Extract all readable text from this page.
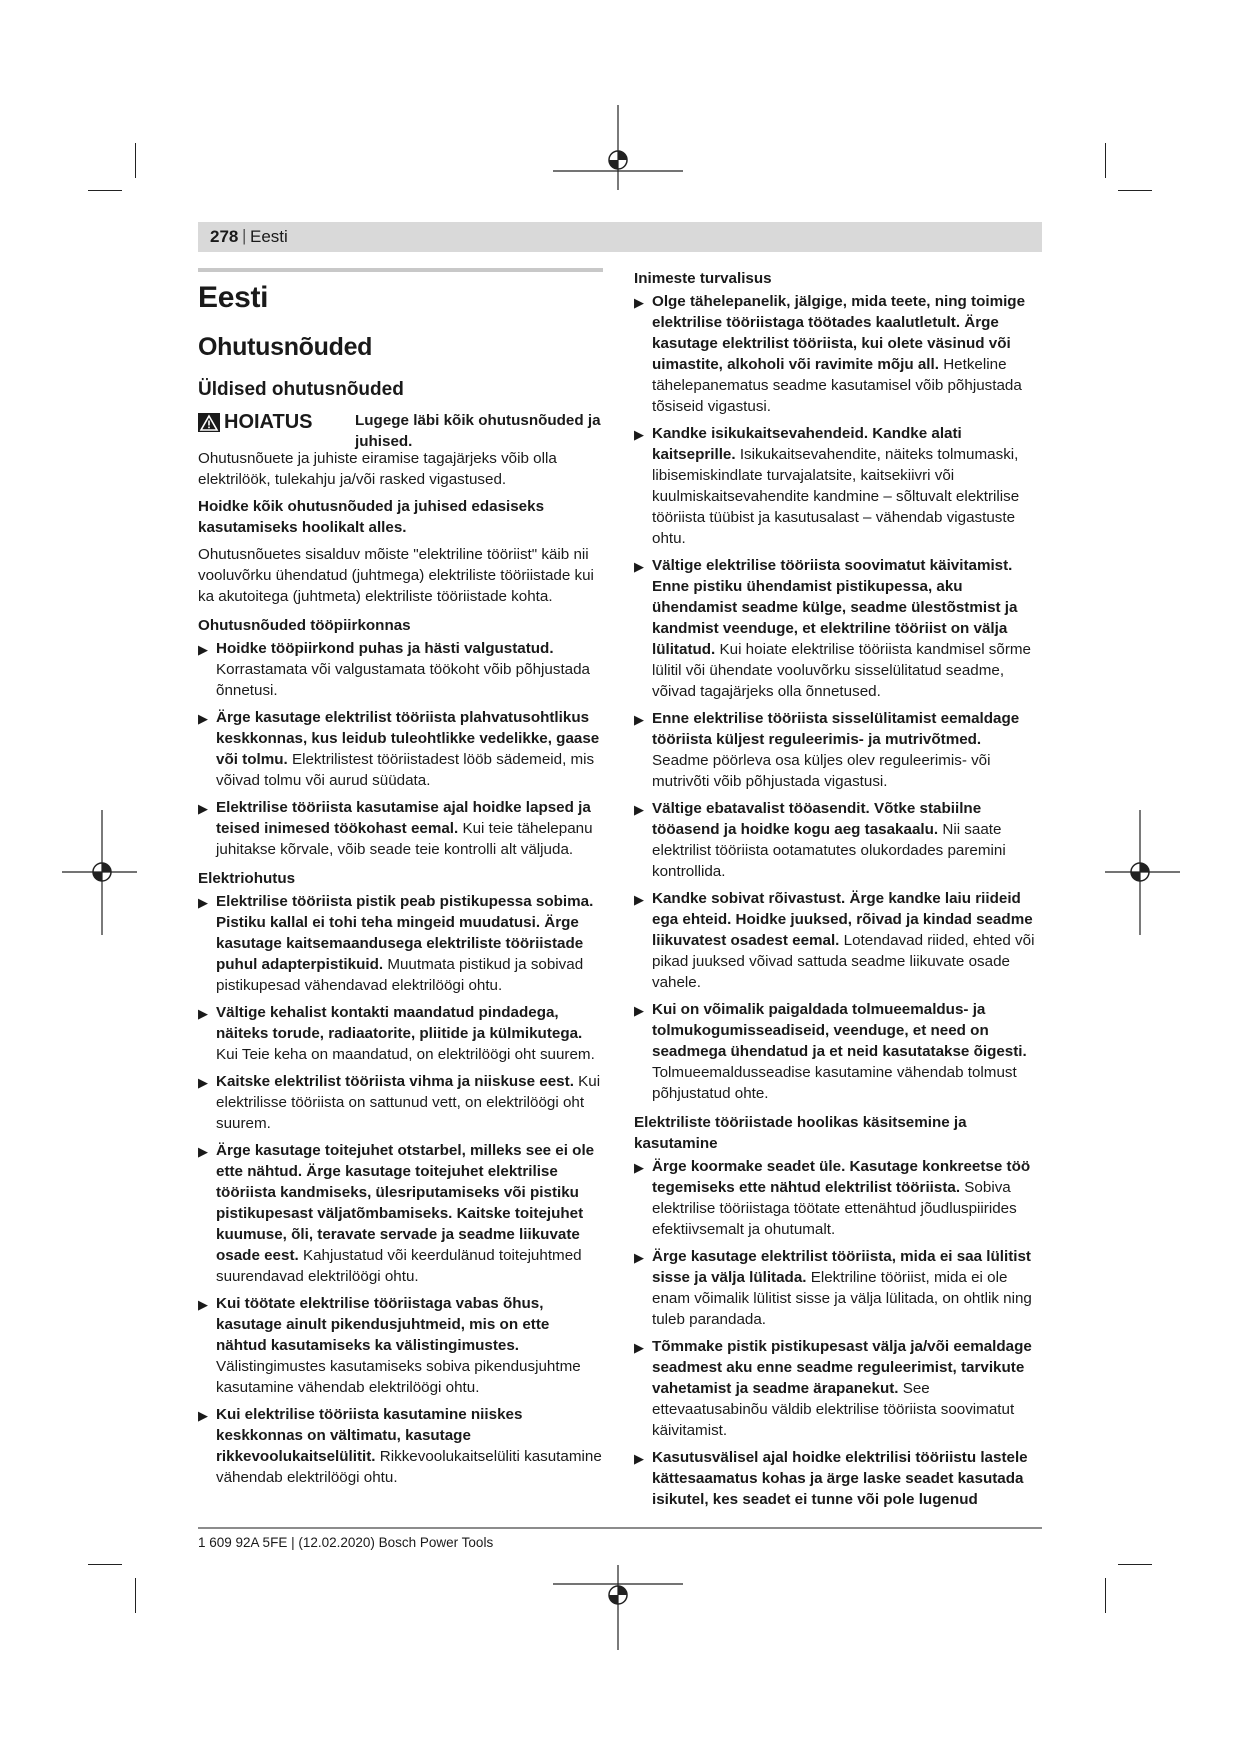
278 | Eesti
Eesti
Ohutusnõuded
Üldised ohutusnõuded
HOIATUS	Lugege läbi kõik ohutusnõuded ja juhised.

Ohutusnõuete ja juhiste eiramise tagajärjeks võib olla elektrilöök, tulekahju ja/või rasked vigastused.

Hoidke kõik ohutusnõuded ja juhised edasiseks kasutamiseks hoolikalt alles.

Ohutusnõuetes sisalduv mõiste "elektriline tööriist" käib nii vooluvõrku ühendatud (juhtmega) elektriliste tööriistade kui ka akutoitega (juhtmeta) elektriliste tööriistade kohta.

Ohutusnõuded tööpiirkonnas
▶ Hoidke tööpiirkond puhas ja hästi valgustatud. Korrastamata või valgustamata töökoht võib põhjustada õnnetusi.
▶ Ärge kasutage elektrilist tööriista plahvatusohtlikus keskkonnas, kus leidub tuleohtlikke vedelikke, gaase või tolmu. Elektrilistest tööriistadest lööb sädemeid, mis võivad tolmu või aurud süüdata.
▶ Elektrilise tööriista kasutamise ajal hoidke lapsed ja teised inimesed töökohast eemal. Kui teie tähelepanu juhitakse kõrvale, võib seade teie kontrolli alt väljuda.
Elektriohutus
▶ Elektrilise tööriista pistik peab pistikupessa sobima. Pistiku kallal ei tohi teha mingeid muudatusi. Ärge kasutage kaitsemaandusega elektriliste tööriistade puhul adapterpistikuid. Muutmata pistikud ja sobivad pistikupesad vähendavad elektrilöögi ohtu.
▶ Vältige kehalist kontakti maandatud pindadega, näiteks torude, radiaatorite, pliitide ja külmikutega. Kui Teie keha on maandatud, on elektrilöögi oht suurem.
▶ Kaitske elektrilist tööriista vihma ja niiskuse eest. Kui elektrilisse tööriista on sattunud vett, on elektrilöögi oht suurem.
▶ Ärge kasutage toitejuhet otstarbel, milleks see ei ole ette nähtud. Ärge kasutage toitejuhet elektrilise tööriista kandmiseks, ülesriputamiseks või pistiku pistikupesast väljatõmbamiseks. Kaitske toitejuhet kuumuse, õli, teravate servade ja seadme liikuvate osade eest. Kahjustatud või keerdulänud toitejuhtmed suurendavad elektrilöögi ohtu.
▶ Kui töötate elektrilise tööriistaga vabas õhus, kasutage ainult pikendusjuhtmeid, mis on ette nähtud kasutamiseks ka välistingimustes. Välistingimustes kasutamiseks sobiva pikendusjuhtme kasutamine vähendab elektrilöögi ohtu.
▶ Kui elektrilise tööriista kasutamine niiskes keskkonnas on vältimatu, kasutage rikkevoolukaitselülitit. Rikkevoolukaitselüliti kasutamine vähendab elektrilöögi ohtu.
Inimeste turvalisus
▶ Olge tähelepanelik, jälgige, mida teete, ning toimige elektrilise tööriistaga töötades kaalutletult. Ärge kasutage elektrilist tööriista, kui olete väsinud või uimastite, alkoholi või ravimite mõju all. Hetkeline tähelepanematus seadme kasutamisel võib põhjustada tõsiseid vigastusi.
▶ Kandke isikukaitsevahendeid. Kandke alati kaitseprille. Isikukaitsevahendite, näiteks tolmumaski, libisemiskindlate turvajalatsite, kaitsekiivri või kuulmiskaitsevahendite kandmine – sõltuvalt elektrilise tööriista tüübist ja kasutusalast – vähendab vigastuste ohtu.
▶ Vältige elektrilise tööriista soovimatut käivitamist. Enne pistiku ühendamist pistikupessa, aku ühendamist seadme külge, seadme ülestõstmist ja kandmist veenduge, et elektriline tööriist on välja lülitatud. Kui hoiate elektrilise tööriista kandmisel sõrme lülitil või ühendate vooluvõrku sisselülitatud seadme, võivad tagajärjeks olla õnnetused.
▶ Enne elektrilise tööriista sisselülitamist eemaldage tööriista küljest reguleerimis- ja mutrivõtmed. Seadme pöörleva osa küljes olev reguleerimis- või mutrivõti võib põhjustada vigastusi.
▶ Vältige ebatavalist tööasendit. Võtke stabiilne tööasend ja hoidke kogu aeg tasakaalu. Nii saate elektrilist tööriista ootamatutes olukordades paremini kontrollida.
▶ Kandke sobivat rõivastust. Ärge kandke laiu riideid ega ehteid. Hoidke juuksed, rõivad ja kindad seadme liikuvatest osadest eemal. Lotendavad riided, ehted või pikad juuksed võivad sattuda seadme liikuvate osade vahele.
▶ Kui on võimalik paigaldada tolmueemaldus- ja tolmukogumisseadiseid, veenduge, et need on seadmega ühendatud ja et neid kasutatakse õigesti. Tolmueemaldusseadise kasutamine vähendab tolmust põhjustatud ohte.
Elektriliste tööriistade hoolikas käsitsemine ja kasutamine
▶ Ärge koormake seadet üle. Kasutage konkreetse töö tegemiseks ette nähtud elektrilist tööriista. Sobiva elektrilise tööriistaga töötate ettenähtud jõudluspiirides efektiivsemalt ja ohutumalt.
▶ Ärge kasutage elektrilist tööriista, mida ei saa lülitist sisse ja välja lülitada. Elektriline tööriist, mida ei ole enam võimalik lülitist sisse ja välja lülitada, on ohtlik ning tuleb parandada.
▶ Tõmmake pistik pistikupesast välja ja/või eemaldage seadmest aku enne seadme reguleerimist, tarvikute vahetamist ja seadme ärapanekut. See ettevaatusabinõu väldib elektrilise tööriista soovimatut käivitamist.
▶ Kasutusvälisel ajal hoidke elektrilisi tööriistu lastele kättesaamatus kohas ja ärge laske seadet kasutada isikutel, kes seadet ei tunne või pole lugenud
1 609 92A 5FE | (12.02.2020) Bosch Power Tools
